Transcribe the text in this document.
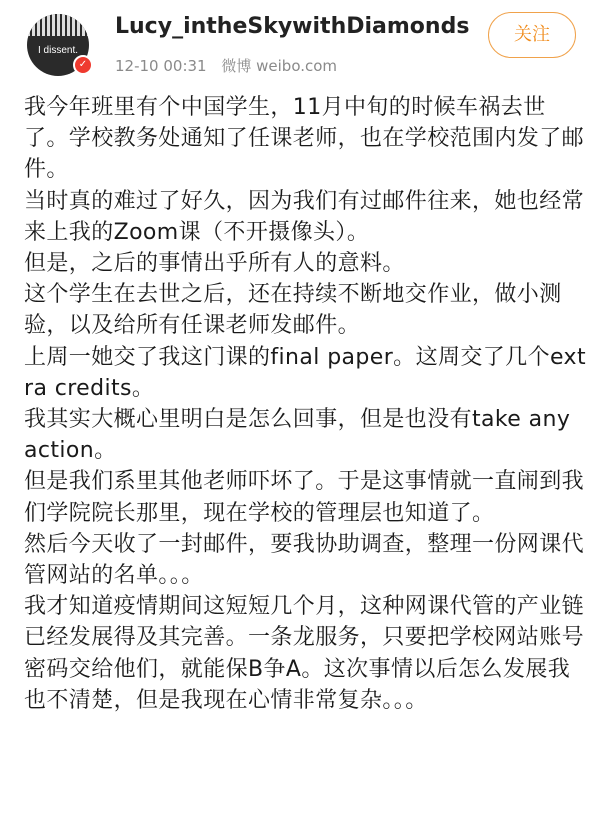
I dissent.
✓
Lucy_intheSkywithDiamonds
12-10 00:31 微博 weibo.com
关注

我今年班里有个中国学生，11月中旬的时候车祸去世了。学校教务处通知了任课老师，也在学校范围内发了邮件。

当时真的难过了好久，因为我们有过邮件往来，她也经常来上我的Zoom课（不开摄像头）。

但是，之后的事情出乎所有人的意料。

这个学生在去世之后，还在持续不断地交作业，做小测验，以及给所有任课老师发邮件。

上周一她交了我这门课的final paper。这周交了几个extra credits。

我其实大概心里明白是怎么回事，但是也没有take any action。

但是我们系里其他老师吓坏了。于是这事情就一直闹到我们学院院长那里，现在学校的管理层也知道了。

然后今天收了一封邮件，要我协助调查，整理一份网课代管网站的名单。。。

我才知道疫情期间这短短几个月，这种网课代管的产业链已经发展得及其完善。一条龙服务，只要把学校网站账号密码交给他们，就能保B争A。这次事情以后怎么发展我也不清楚，但是我现在心情非常复杂。。。
